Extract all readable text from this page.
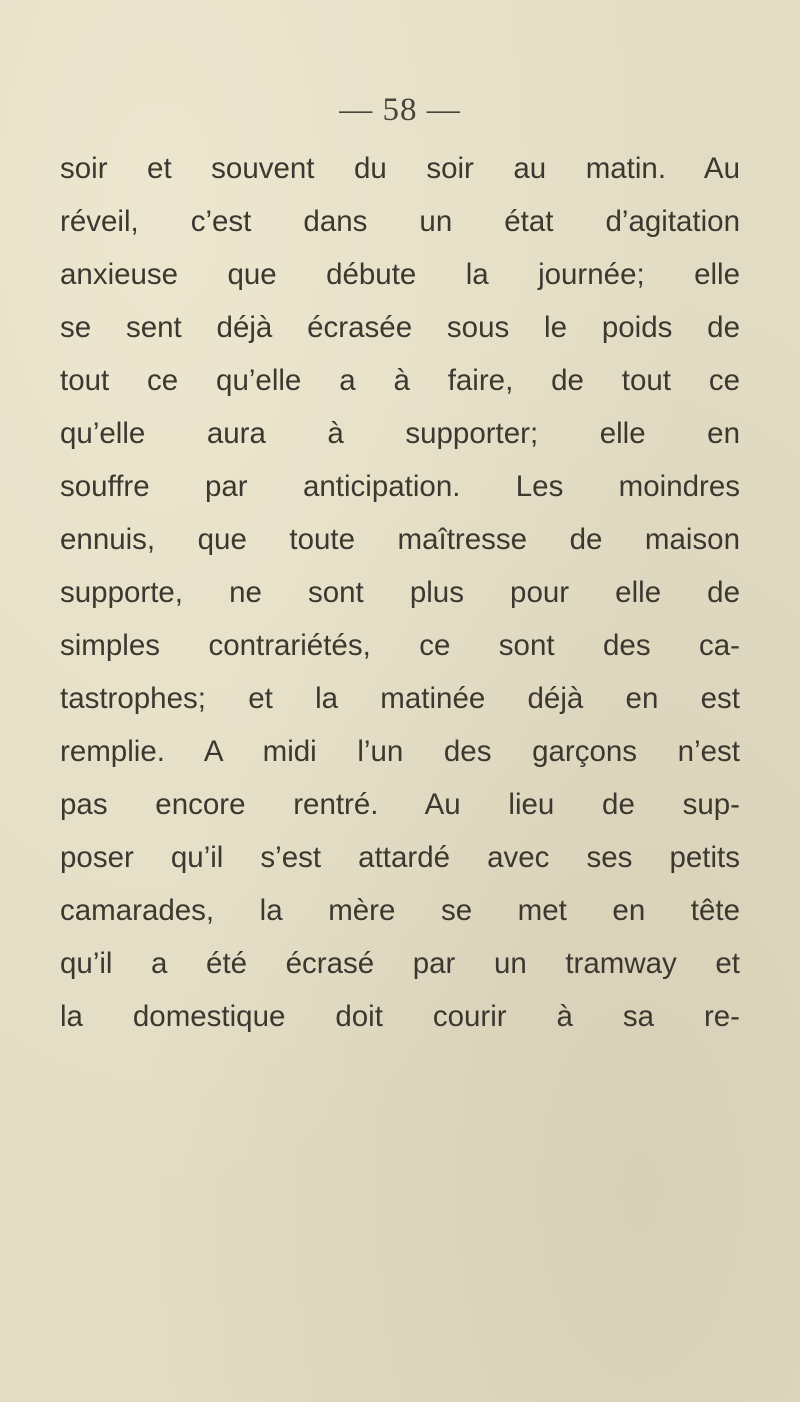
— 58 —
soir et souvent du soir au matin. Au
réveil, c’est dans un état d’agitation
anxieuse que débute la journée; elle
se sent déjà écrasée sous le poids de
tout ce qu’elle a à faire, de tout ce
qu’elle aura à supporter; elle en
souffre par anticipation. Les moindres
ennuis, que toute maîtresse de maison
supporte, ne sont plus pour elle de
simples contrariétés, ce sont des ca-
tastrophes; et la matinée déjà en est
remplie. A midi l’un des garçons n’est
pas encore rentré. Au lieu de sup-
poser qu’il s’est attardé avec ses petits
camarades, la mère se met en tête
qu’il a été écrasé par un tramway et
la domestique doit courir à sa re-
